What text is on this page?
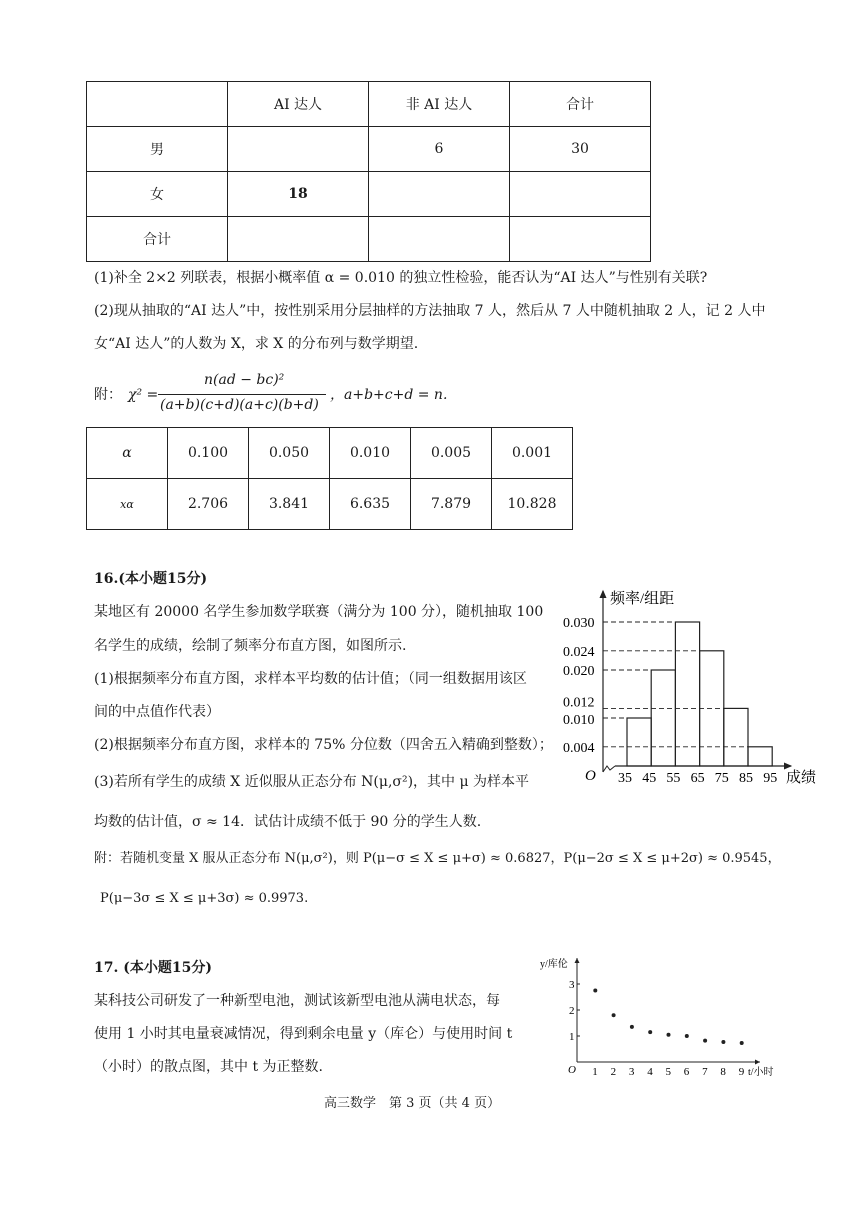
	AI 达人	非 AI 达人	合计
男		6	30
女	18		
合计			
(1)补全 2×2 列联表，根据小概率值 α = 0.010 的独立性检验，能否认为“AI 达人”与性别有关联?
(2)现从抽取的“AI 达人”中，按性别采用分层抽样的方法抽取 7 人，然后从 7 人中随机抽取 2 人，记 2 人中
女“AI 达人”的人数为 X，求 X 的分布列与数学期望.
附： χ² =
n(ad − bc)²
(a+b)(c+d)(a+c)(b+d)
，a+b+c+d = n.
α	0.100	0.050	0.010	0.005	0.001
xα	2.706	3.841	6.635	7.879	10.828
16.(本小题15分)
某地区有 20000 名学生参加数学联赛（满分为 100 分），随机抽取 100
名学生的成绩，绘制了频率分布直方图，如图所示.
(1)根据频率分布直方图，求样本平均数的估计值；（同一组数据用该区
间的中点值作代表）
(2)根据频率分布直方图，求样本的 75% 分位数（四舍五入精确到整数）；
(3)若所有学生的成绩 X 近似服从正态分布 N(μ,σ²)，其中 μ 为样本平
均数的估计值，σ ≈ 14．试估计成绩不低于 90 分的学生人数.
0.004
0.010
0.012
0.020
0.024
0.030
35 45 55 65 75 85 95
频率/组距
成绩
O
附：若随机变量 X 服从正态分布 N(μ,σ²)，则 P(μ−σ ≤ X ≤ μ+σ) ≈ 0.6827，P(μ−2σ ≤ X ≤ μ+2σ) ≈ 0.9545，
P(μ−3σ ≤ X ≤ μ+3σ) ≈ 0.9973.
17. (本小题15分)
某科技公司研发了一种新型电池，测试该新型电池从满电状态，每
使用 1 小时其电量衰减情况，得到剩余电量 y（库仑）与使用时间 t
（小时）的散点图，其中 t 为正整数.
1
2
3
1 2 3 4 5 6 7 8 9
y/库伦
t/小时
O
高三数学　第 3 页（共 4 页）
